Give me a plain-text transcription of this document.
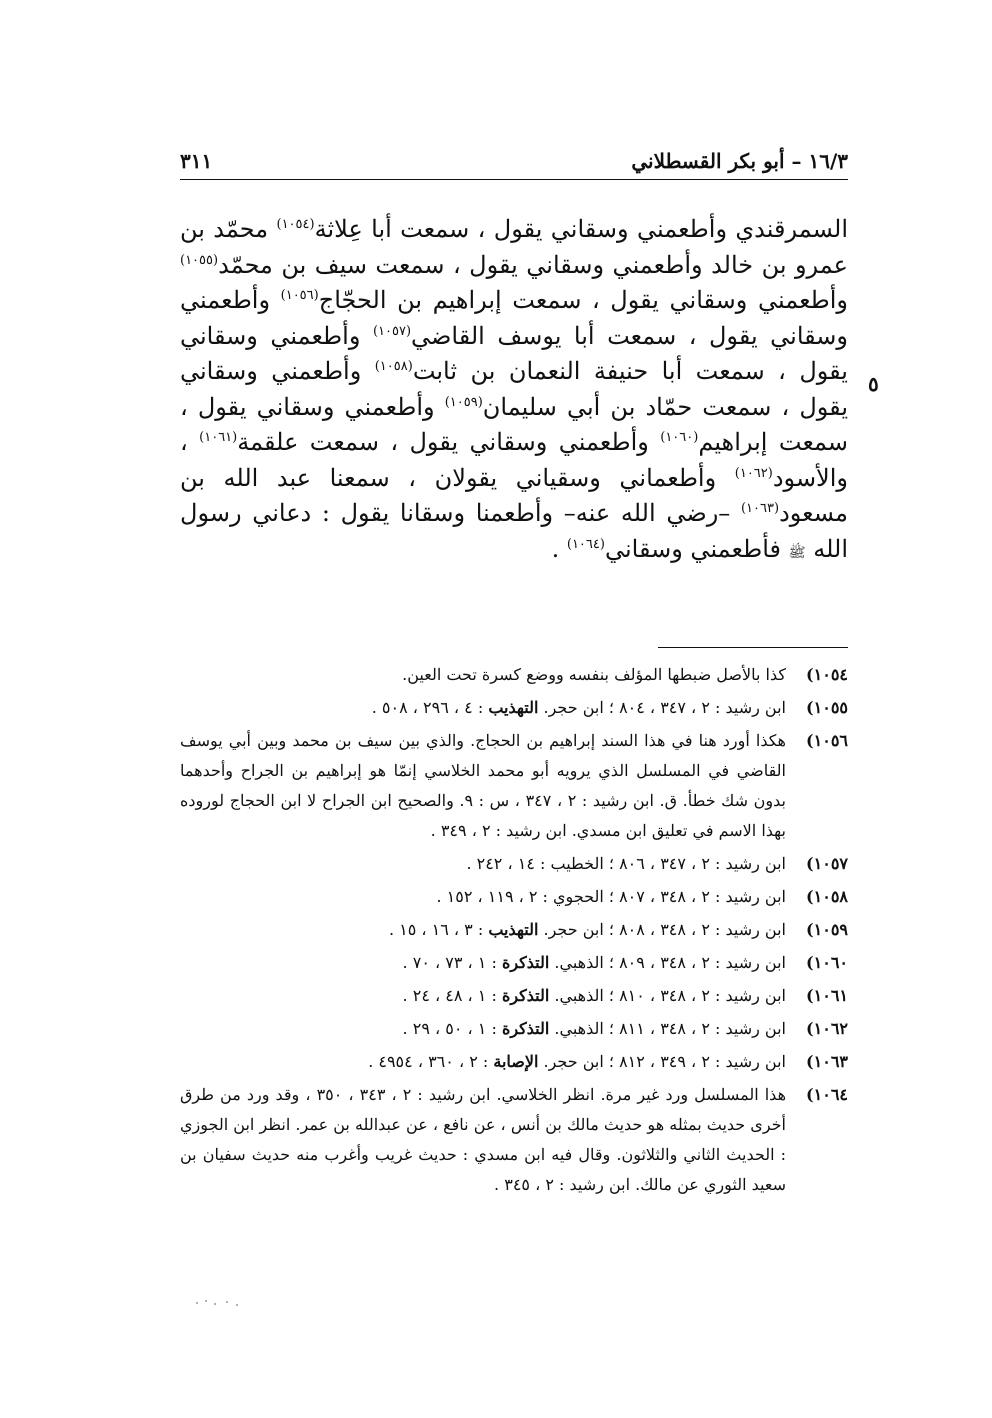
٣١١	١٦/٣ – أبو بكر القسطلاني
السمرقندي وأطعمني وسقاني يقول ، سمعت أبا عِلاثة$^{(١٠٥٤)}$ محمّد بن عمرو بن خالد وأطعمني وسقاني يقول ، سمعت سيف بن محمّد$^{(١٠٥٥)}$ وأطعمني وسقاني يقول ، سمعت إبراهيم بن الحجّاج$^{(١٠٥٦)}$ وأطعمني وسقاني يقول ، سمعت أبا يوسف القاضي$^{(١٠٥٧)}$ وأطعمني وسقاني يقول ، سمعت أبا حنيفة النعمان بن ثابت$^{(١٠٥٨)}$ وأطعمني وسقاني يقول ، سمعت حمّاد بن أبي سليمان$^{(١٠٥٩)}$ وأطعمني وسقاني يقول ، سمعت إبراهيم$^{(١٠٦٠)}$ وأطعمني وسقاني يقول ، سمعت علقمة$^{(١٠٦١)}$ ، والأسود$^{(١٠٦٢)}$ وأطعماني وسقياني يقولان ، سمعنا عبد الله بن مسعود$^{(١٠٦٣)}$ –رضي الله عنه– وأطعمنا وسقانا يقول : دعاني رسول الله ﷺ فأطعمني وسقاني$^{(١٠٦٤)}$ .
٥
١٠٥٤)
كذا بالأصل ضبطها المؤلف بنفسه ووضع كسرة تحت العين.
١٠٥٥)
ابن رشيد : ٢ ، ٣٤٧ ، ٨٠٤ ؛ ابن حجر. التهذيب : ٤ ، ٢٩٦ ، ٥٠٨ .
١٠٥٦)
هكذا أورد هنا في هذا السند إبراهيم بن الحجاج. والذي بين سيف بن محمد وبين أبي يوسف القاضي في المسلسل الذي يرويه أبو محمد الخلاسي إنمّا هو إبراهيم بن الجراح وأحدهما بدون شك خطأ. ق. ابن رشيد : ٢ ، ٣٤٧ ، س : ٩. والصحيح ابن الجراح لا ابن الحجاج لوروده بهذا الاسم في تعليق ابن مسدي. ابن رشيد : ٢ ، ٣٤٩ .
١٠٥٧)
ابن رشيد : ٢ ، ٣٤٧ ، ٨٠٦ ؛ الخطيب : ١٤ ، ٢٤٢ .
١٠٥٨)
ابن رشيد : ٢ ، ٣٤٨ ، ٨٠٧ ؛ الحجوي : ٢ ، ١١٩ ، ١٥٢ .
١٠٥٩)
ابن رشيد : ٢ ، ٣٤٨ ، ٨٠٨ ؛ ابن حجر. التهذيب : ٣ ، ١٦ ، ١٥ .
١٠٦٠)
ابن رشيد : ٢ ، ٣٤٨ ، ٨٠٩ ؛ الذهبي. التذكرة : ١ ، ٧٣ ، ٧٠ .
١٠٦١)
ابن رشيد : ٢ ، ٣٤٨ ، ٨١٠ ؛ الذهبي. التذكرة : ١ ، ٤٨ ، ٢٤ .
١٠٦٢)
ابن رشيد : ٢ ، ٣٤٨ ، ٨١١ ؛ الذهبي. التذكرة : ١ ، ٥٠ ، ٢٩ .
١٠٦٣)
ابن رشيد : ٢ ، ٣٤٩ ، ٨١٢ ؛ ابن حجر. الإصابة : ٢ ، ٣٦٠ ، ٤٩٥٤ .
١٠٦٤)
هذا المسلسل ورد غير مرة. انظر الخلاسي. ابن رشيد : ٢ ، ٣٤٣ ، ٣٥٠ ، وقد ورد من طرق أخرى حديث بمثله هو حديث مالك بن أنس ، عن نافع ، عن عبدالله بن عمر. انظر ابن الجوزي : الحديث الثاني والثلاثون. وقال فيه ابن مسدي : حديث غريب وأغرب منه حديث سفيان بن سعيد الثوري عن مالك. ابن رشيد : ٢ ، ٣٤٥ .
